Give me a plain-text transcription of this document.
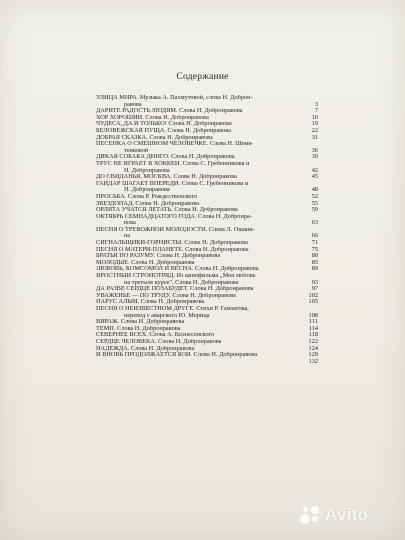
Содержание
УЛИЦА МИРА. Музыка А. Пахмутовой, слова Н. Доброн-
равова	3
ДАРИТЕ РАДОСТЬ ЛЮДЯМ. Слова Н. Добронравова	7
ХОР ХОРОШИЙ. Слова Н. Добронравова	10
ЧУДЕСА, ДА И ТОЛЬКО! Слова Н. Добронравова	19
БЕЛОВЕЖСКАЯ ПУЩА. Слова Н. Добронравова	22
ДОБРАЯ СКАЗКА. Слова Н. Добронравова	31
ПЕСЕНКА О СМЕШНОМ ЧЕЛОВЕЧКЕ. Слова Н. Шемя-
тенковой	36
ДИКАЯ СОБАКА ДИНГО. Слова Н. Добронравова	39
ТРУС НЕ ИГРАЕТ В ХОККЕЙ. Слова С. Гребенникова и
Н. Добронравова	42
ДО СВИДАНЬЯ, МОСКВА. Слова Н. Добронравова	45
ГАЙДАР ШАГАЕТ ВПЕРЕДИ. Слова С. Гребенникова и
Н. Добронравова	48
ПРОСЬБА. Слова Р. Рождественского	52
ЗВЕЗДОПАД. Слова Н. Добронравова	55
ОРЛЯТА УЧАТСЯ ЛЕТАТЬ. Слова Н. Добронравова	59
ОКТЯБРЬ СЕМНАДЦАТОГО ГОДА. Слова Н. Добронра-
вова	63
ПЕСНЯ О ТРЕВОЖНОЙ МОЛОДОСТИ. Слова Л. Ошани-
на	66
СИГНАЛЬЩИКИ-ГОРНИСТЫ. Слова Н. Добронравова	71
ПЕСНЯ О МАТЕРИ-ПЛАНЕТЕ. Слова Н. Добронравова	75
БРАТЬЯ ПО РАЗУМУ. Слова Н. Добронравова	80
МОЛОДЫЕ. Слова Н. Добронравова	85
ЛЮБОВЬ, КОМСОМОЛ И ВЕСНА. Слова Н. Добронравова	89
ЯРОСТНЫЙ СТРОЙОТРЯД. Из кинофильма „Моя любовь
на третьем курсе". Слова Н. Добронравова	93
ДА РАЗВЕ СЕРДЦЕ ПОЗАБУДЕТ. Слова Н. Добронравова	97
УВАЖЕНЬЕ — ПО ТРУДУ. Слова Н. Добронравова	102
ПАРУС АЛЫЙ. Слова Н. Добронравова	105
ПЕСНЯ О НЕИЗВЕСТНОМ ДРУГЕ. Стихи Р. Гамзатова,
перевод с аварского Ю. Морица	108
ВИРАЖ. Слова Н. Добронравова	111
ТЕМП. Слова Н. Добронравова	114
СЕВЕРНЕЕ ВСЕХ. Слова А. Вознесенского	118
СЕРДЦЕ ЧЕЛОВЕКА. Слова Н. Добронравова	122
НАДЕЖДА. Слова Н. Добронравова	124
И ВНОВЬ ПРОДОЛЖАЕТСЯ БОЙ. Слова Н. Добронравова	129
132
Avito
